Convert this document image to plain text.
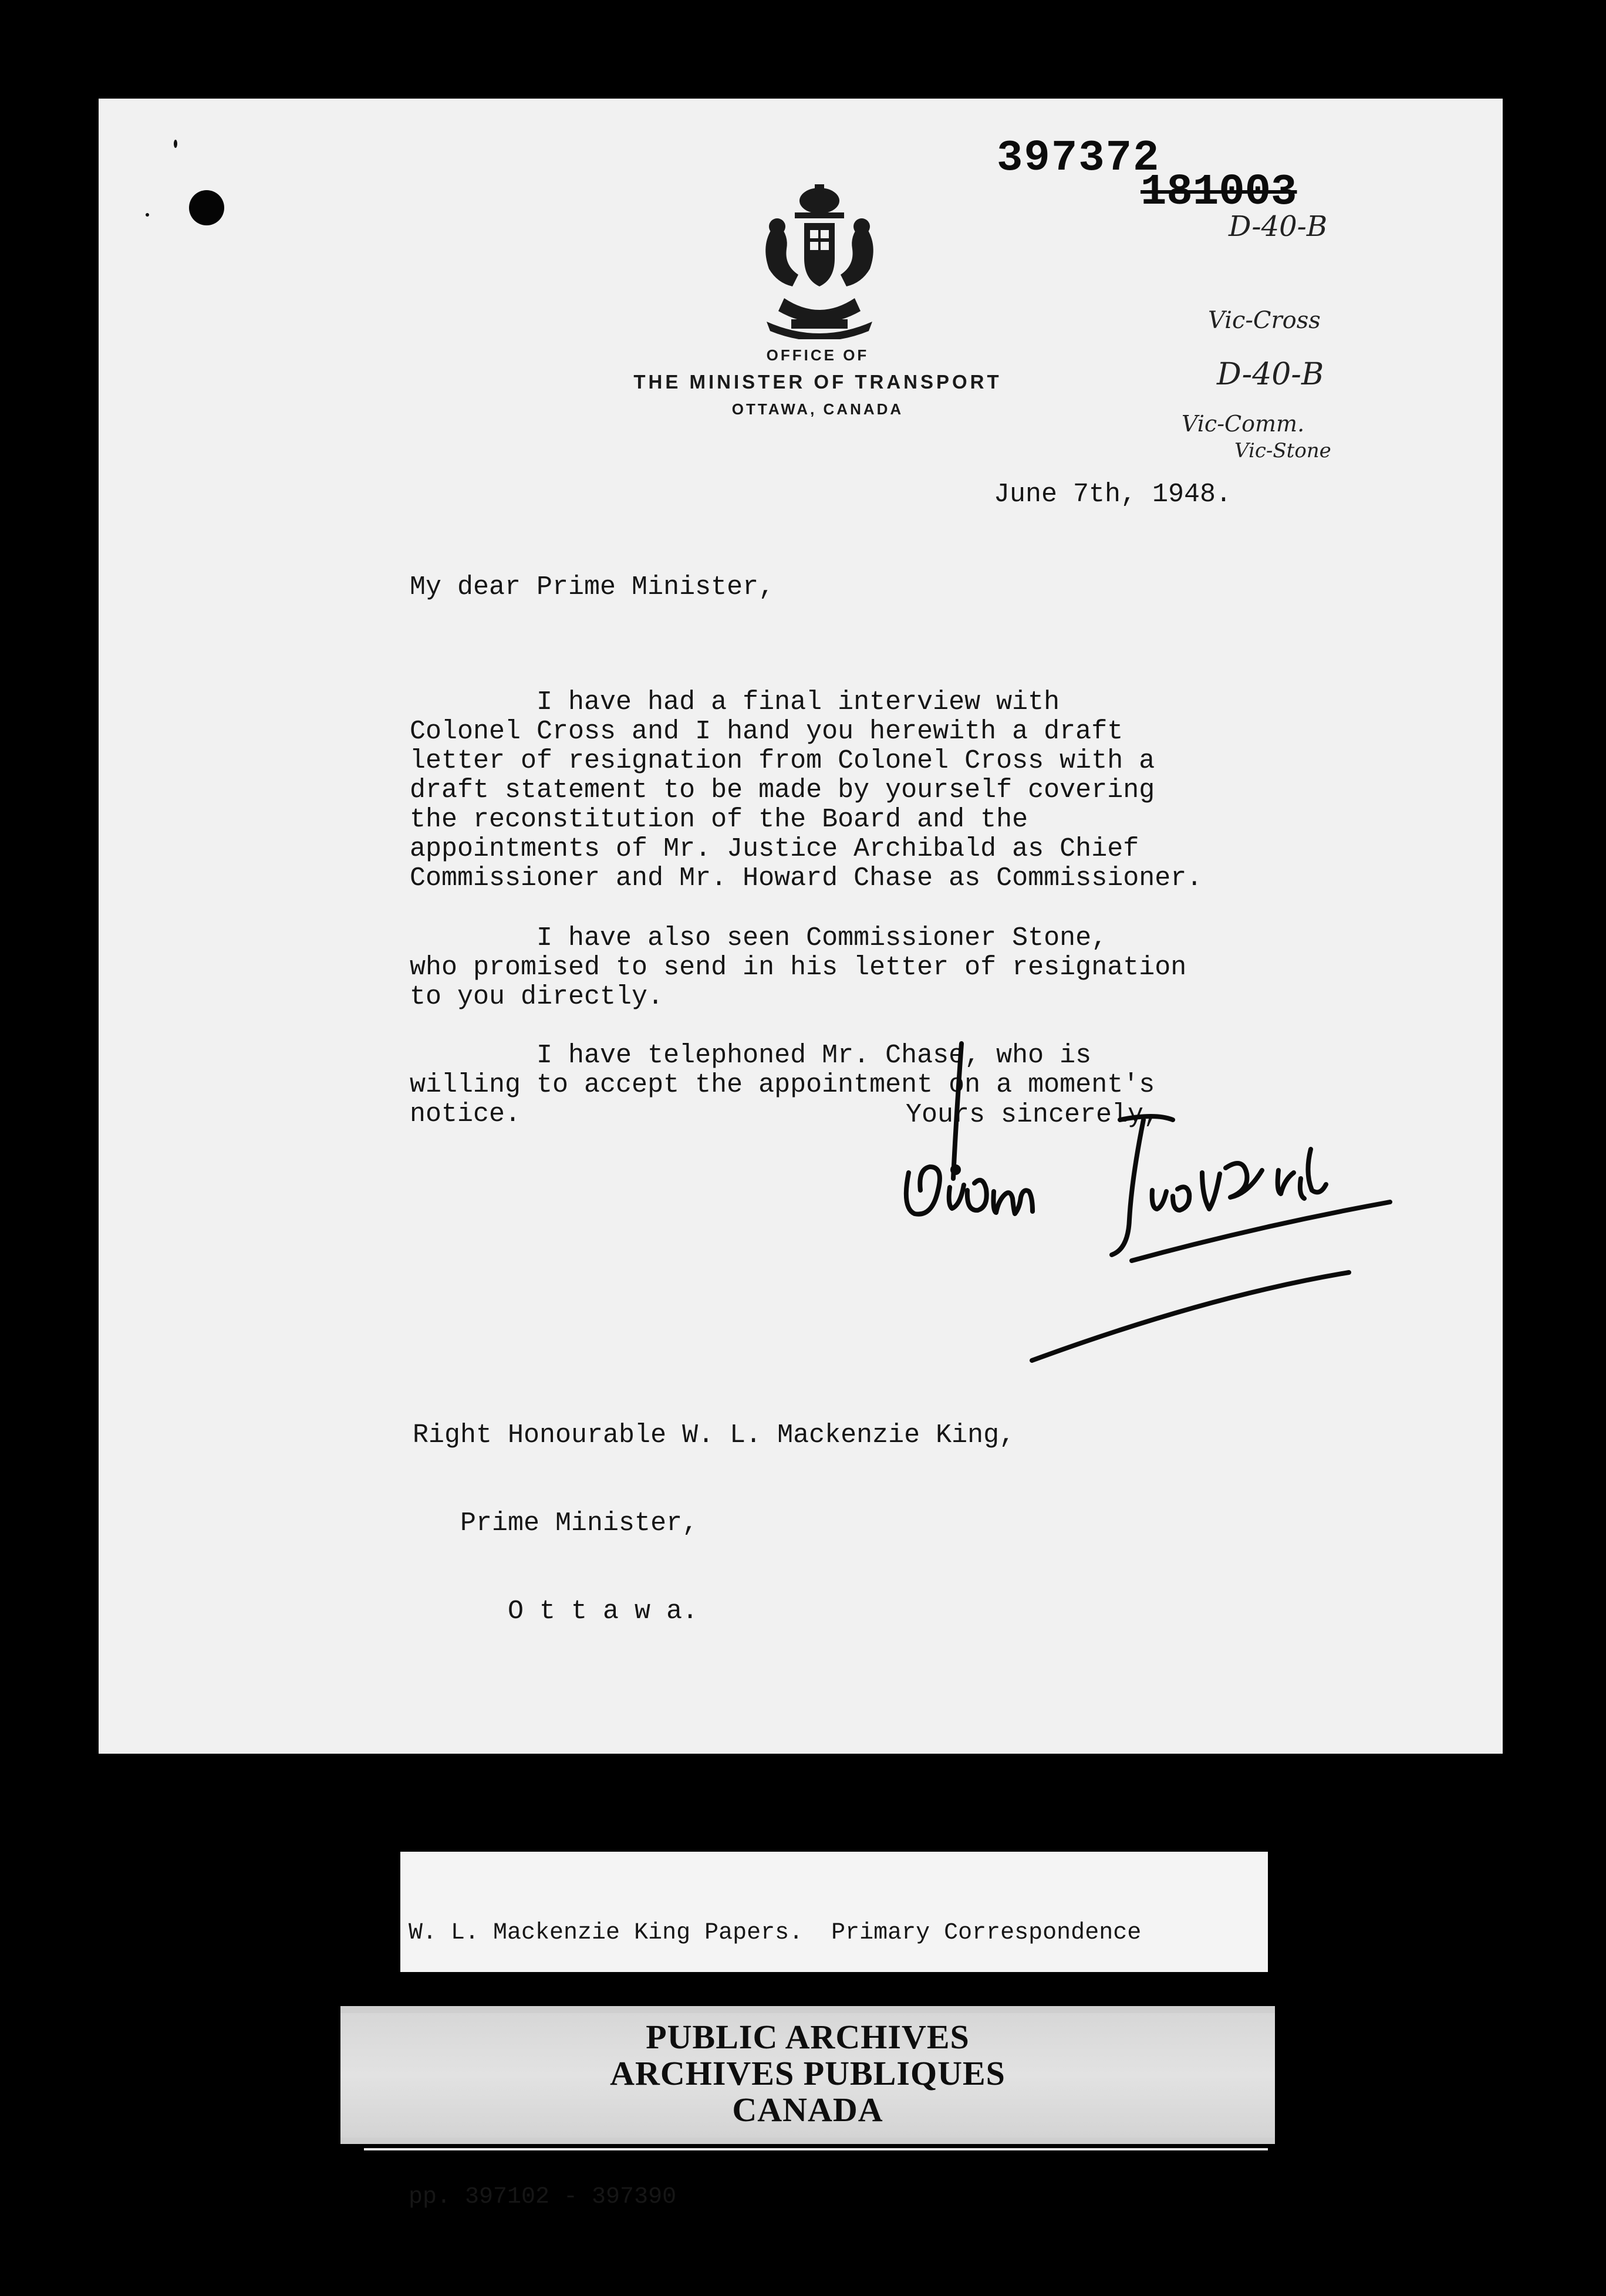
397372
181003
D-40-B
Vic-Cross
D-40-B
Vic-Comm.
Vic-Stone
OFFICE OF
THE MINISTER OF TRANSPORT
OTTAWA, CANADA
June 7th, 1948.
My dear Prime Minister,

I have had a final interview with
Colonel Cross and I hand you herewith a draft
letter of resignation from Colonel Cross with a
draft statement to be made by yourself covering
the reconstitution of the Board and the
appointments of Mr. Justice Archibald as Chief
Commissioner and Mr. Howard Chase as Commissioner.

I have also seen Commissioner Stone,
who promised to send in his letter of resignation
to you directly.

I have telephoned Mr. Chase, who is
willing to accept the appointment on a moment's
notice.

	Yours sincerely,

Right Honourable W. L. Mackenzie King,

Prime Minister,

O t t a w a.

W. L. Mackenzie King Papers.  Primary Correspondence

pp. 397102 - 397390

PUBLIC ARCHIVES
ARCHIVES PUBLIQUES
CANADA
